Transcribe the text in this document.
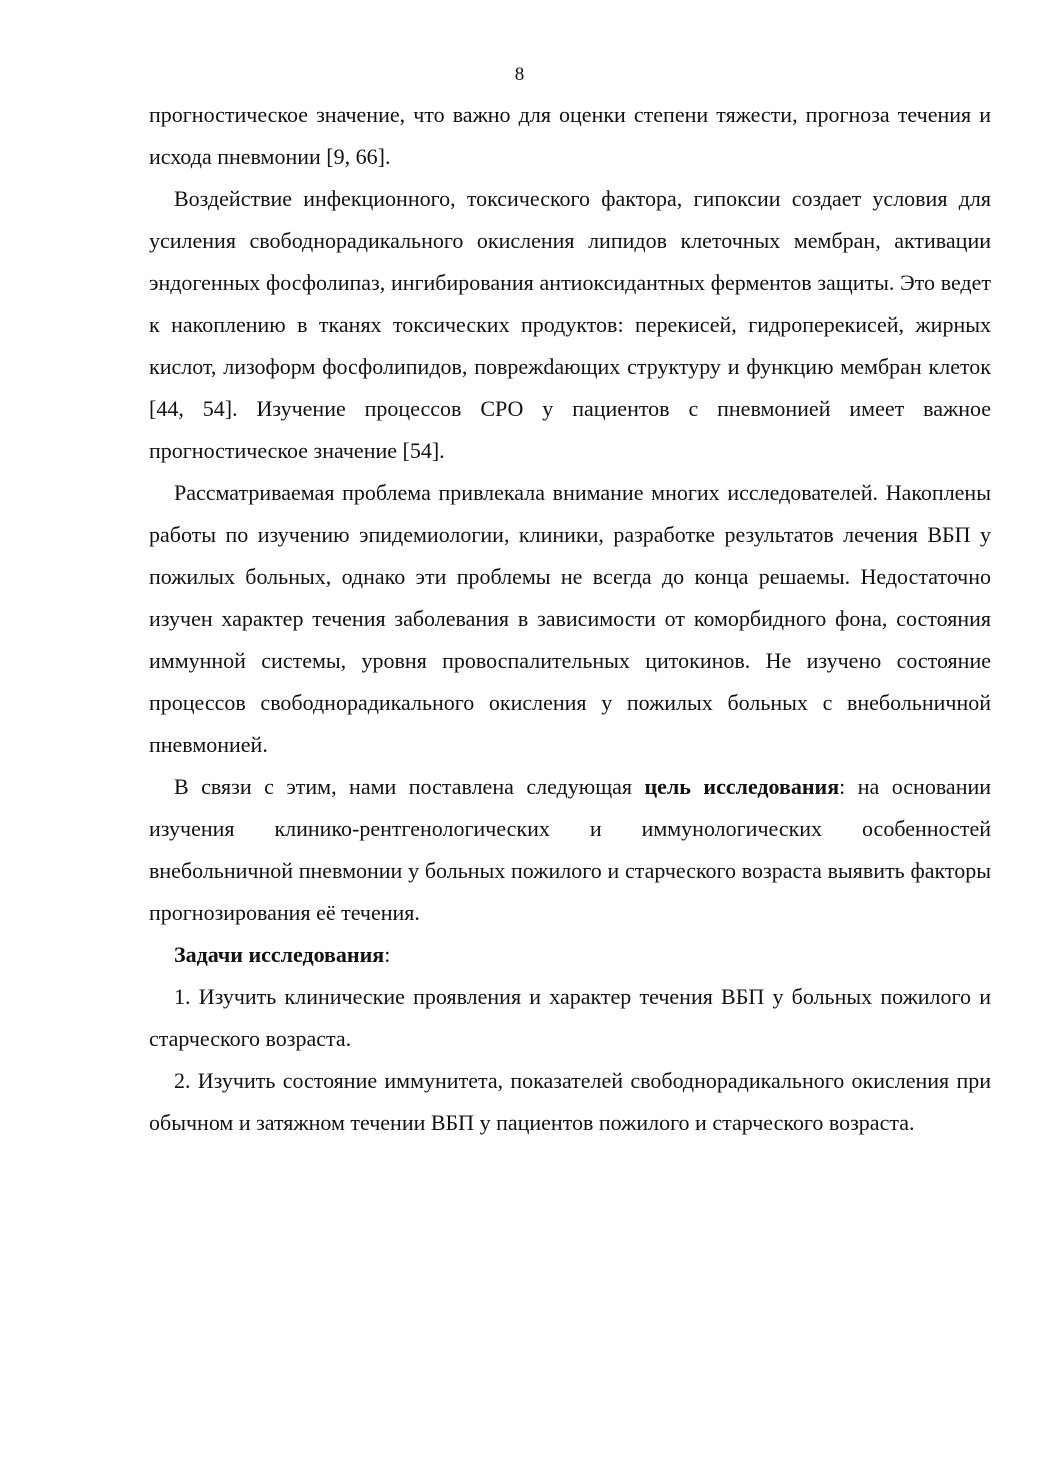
8

прогностическое значение, что важно для оценки степени тяжести, прогноза течения и исхода пневмонии [9, 66].

Воздействие инфекционного, токсического фактора, гипоксии создает условия для усиления свободнорадикального окисления липидов клеточных мембран, активации эндогенных фосфолипаз, ингибирования антиоксидантных ферментов защиты. Это ведет к накоплению в тканях токсических продуктов: перекисей, гидроперекисей, жирных кислот, лизоформ фосфолипидов, поврежdающих структуру и функцию мембран клеток [44, 54]. Изучение процессов СРО у пациентов с пневмонией имеет важное прогностическое значение [54].

Рассматриваемая проблема привлекала внимание многих исследователей. Накоплены работы по изучению эпидемиологии, клиники, разработке результатов лечения ВБП у пожилых больных, однако эти проблемы не всегда до конца решаемы. Недостаточно изучен характер течения заболевания в зависимости от коморбидного фона, состояния иммунной системы, уровня провоспалительных цитокинов. Не изучено состояние процессов свободнорадикального окисления у пожилых больных с внебольничной пневмонией.

В связи с этим, нами поставлена следующая цель исследования: на основании изучения клинико-рентгенологических и иммунологических особенностей внебольничной пневмонии у больных пожилого и старческого возраста выявить факторы прогнозирования её течения.

Задачи исследования:

1. Изучить клинические проявления и характер течения ВБП у больных пожилого и старческого возраста.

2. Изучить состояние иммунитета, показателей свободнорадикального окисления при обычном и затяжном течении ВБП у пациентов пожилого и старческого возраста.
